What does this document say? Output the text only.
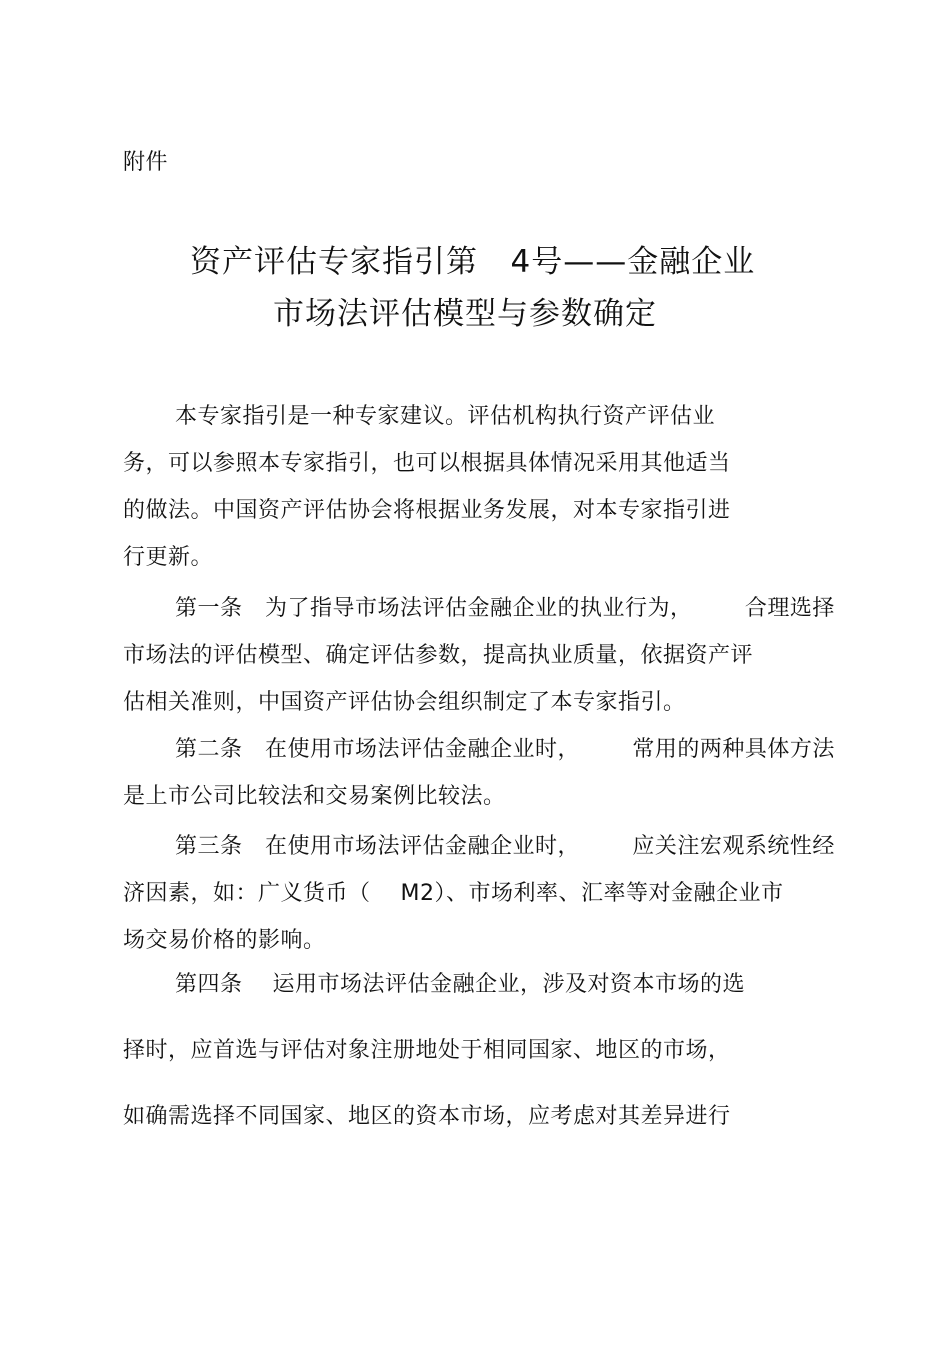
附件
资产评估专家指引第   4号——金融企业
市场法评估模型与参数确定
本专家指引是一种专家建议。评估机构执行资产评估业
务，可以参照本专家指引，也可以根据具体情况采用其他适当
的做法。中国资产评估协会将根据业务发展，对本专家指引进
行更新。
第一条   为了指导市场法评估金融企业的执业行为，       合理选择
市场法的评估模型、确定评估参数，提高执业质量，依据资产评
估相关准则，中国资产评估协会组织制定了本专家指引。
第二条   在使用市场法评估金融企业时，       常用的两种具体方法
是上市公司比较法和交易案例比较法。
第三条   在使用市场法评估金融企业时，       应关注宏观系统性经
济因素，如：广义货币（    M2）、市场利率、汇率等对金融企业市
场交易价格的影响。
第四条    运用市场法评估金融企业，涉及对资本市场的选
择时，应首选与评估对象注册地处于相同国家、地区的市场，
如确需选择不同国家、地区的资本市场，应考虑对其差异进行
